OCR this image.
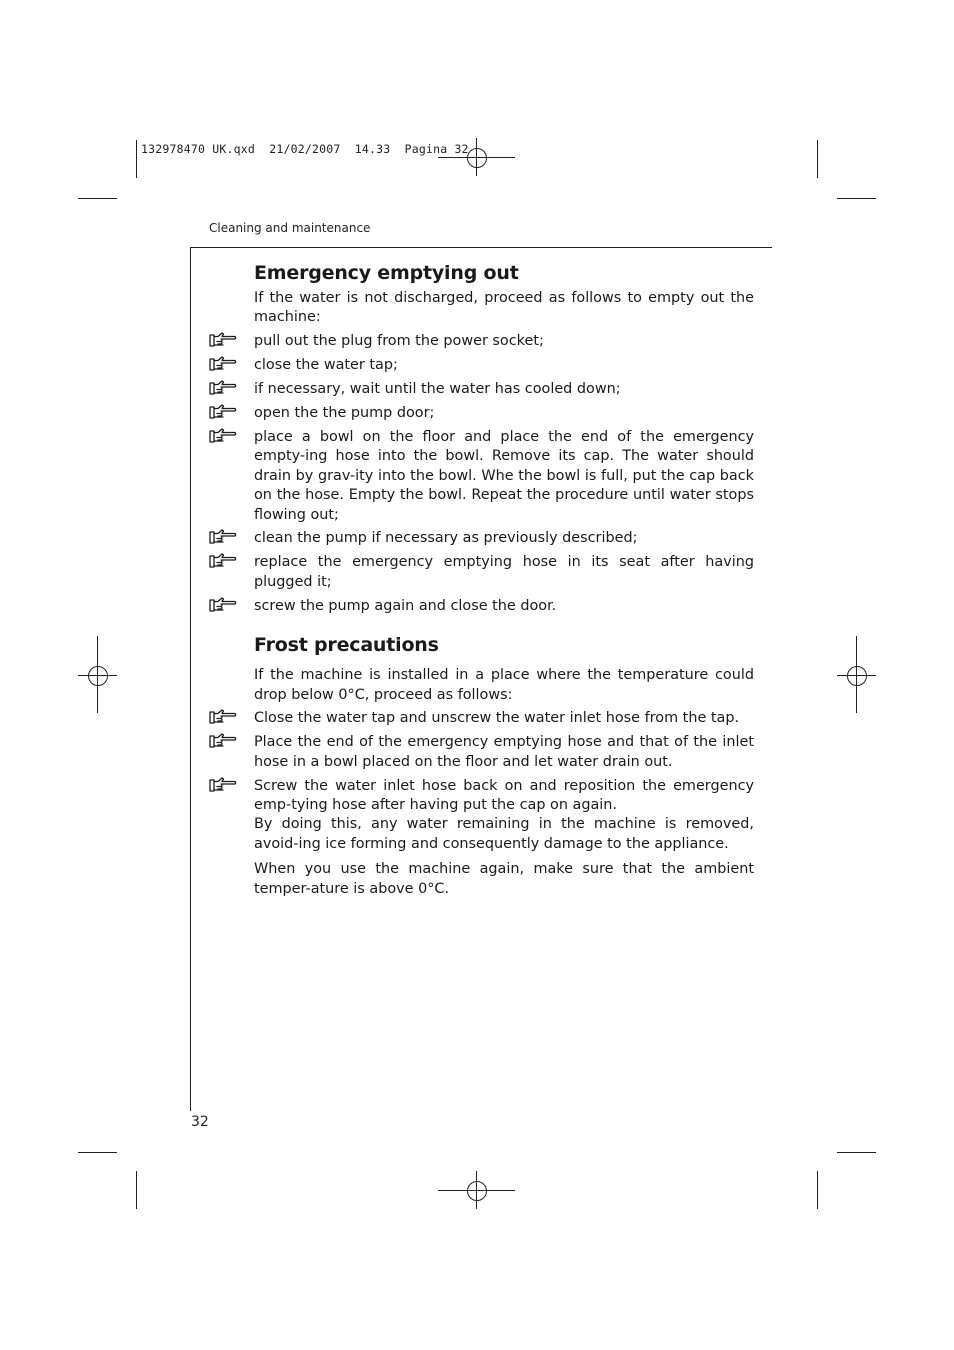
132978470 UK.qxd  21/02/2007  14.33  Pagina 32
Cleaning and maintenance
32
Emergency emptying out

If the water is not discharged, proceed as follows to empty out the machine:

pull out the plug from the power socket;
close the water tap;
if necessary, wait until the water has cooled down;
open the the pump door;
place a bowl on the floor and place the end of the emergency empty-ing hose into the bowl. Remove its cap. The water should drain by grav-ity into the bowl. Whe the bowl is full, put the cap back on the hose. Empty the bowl. Repeat the procedure until water stops flowing out;
clean the pump if necessary as previously described;
replace the emergency emptying hose in its seat after having plugged it;
screw the pump again and close the door.
Frost precautions

If the machine is installed in a place where the temperature could drop below 0°C, proceed as follows:

Close the water tap and unscrew the water inlet hose from the tap.
Place the end of the emergency emptying hose and that of the inlet hose in a bowl placed on the floor and let water drain out.
Screw the water inlet hose back on and reposition the emergency emp-tying hose after having put the cap on again.

By doing this, any water remaining in the machine is removed, avoid-ing ice forming and consequently damage to the appliance.

When you use the machine again, make sure that the ambient temper-ature is above 0°C.
